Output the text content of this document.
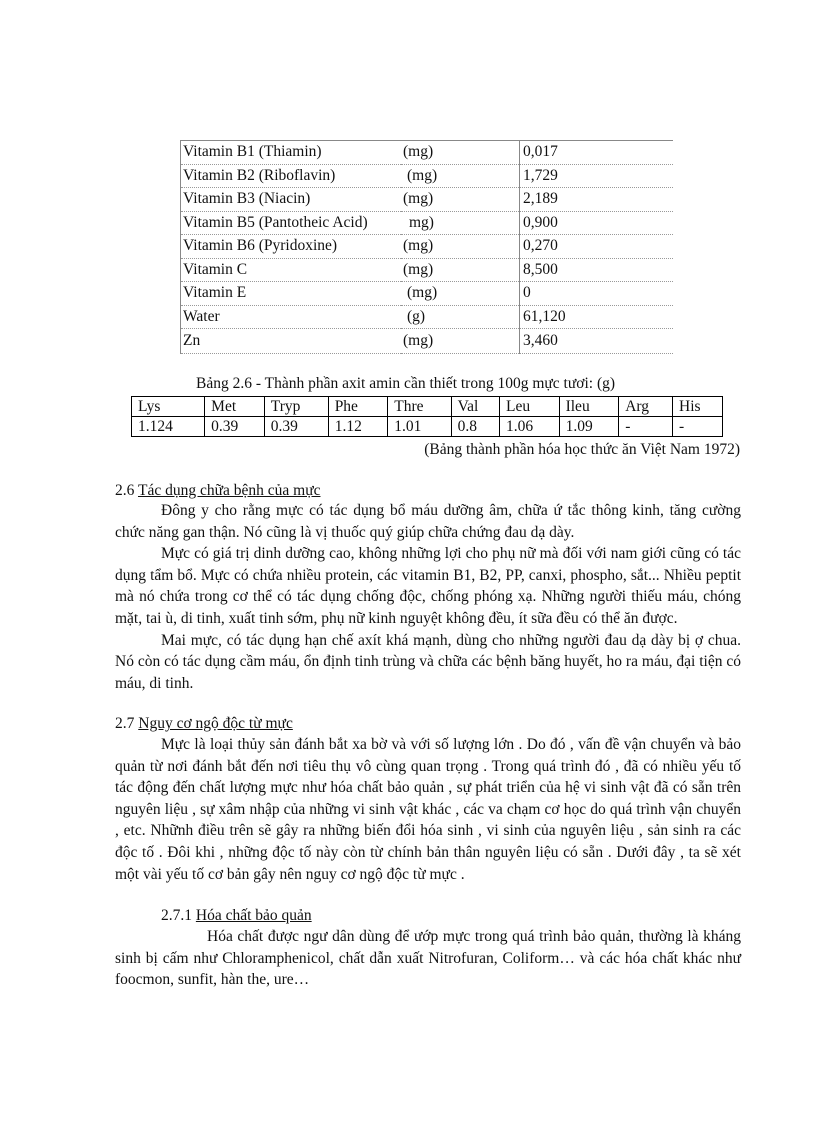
Vitamin B1 (Thiamin)	(mg)	0,017
Vitamin B2 (Riboflavin)	(mg)	1,729
Vitamin B3 (Niacin)	(mg)	2,189
Vitamin B5 (Pantotheic Acid)	mg)	0,900
Vitamin B6 (Pyridoxine)	(mg)	0,270
Vitamin C	(mg)	8,500
Vitamin E	(mg)	0
Water	(g)	61,120
Zn	(mg)	3,460
Bảng 2.6 - Thành phần axit amin cần thiết trong 100g mực tươi: (g)
Lys	Met	Tryp	Phe	Thre	Val	Leu	Ileu	Arg	His
1.124	0.39	0.39	1.12	1.01	0.8	1.06	1.09	-	-
(Bảng thành phần hóa học thức ăn Việt Nam 1972)
2.6 Tác dụng chữa bệnh của mực

Đông y cho rằng mực có tác dụng bổ máu dưỡng âm, chữa ứ tắc thông kinh, tăng cường chức năng gan thận. Nó cũng là vị thuốc quý giúp chữa chứng đau dạ dày.

Mực có giá trị dinh dưỡng cao, không những lợi cho phụ nữ mà đối với nam giới cũng có tác dụng tẩm bổ. Mực có chứa nhiều protein, các vitamin B1, B2, PP, canxi, phospho, sắt... Nhiều peptit mà nó chứa trong cơ thể có tác dụng chống độc, chống phóng xạ. Những người thiếu máu, chóng mặt, tai ù, di tinh, xuất tinh sớm, phụ nữ kinh nguyệt không đều, ít sữa đều có thể ăn được.

Mai mực, có tác dụng hạn chế axít khá mạnh, dùng cho những người đau dạ dày bị ợ chua. Nó còn có tác dụng cầm máu, ổn định tinh trùng và chữa các bệnh băng huyết, ho ra máu, đại tiện có máu, di tinh.

2.7 Nguy cơ ngộ độc từ mực

Mực là loại thủy sản đánh bắt xa bờ và với số lượng lớn . Do đó , vấn đề vận chuyển và bảo quản từ nơi đánh bắt đến nơi tiêu thụ vô cùng quan trọng . Trong quá trình đó , đã có nhiều yếu tố tác động đến chất lượng mực như hóa chất bảo quản , sự phát triển của hệ vi sinh vật đã có sẵn trên nguyên liệu , sự xâm nhập của những vi sinh vật khác , các va chạm cơ học do quá trình vận chuyển , etc. Nhữnh điều trên sẽ gây ra những biến đổi hóa sinh , vi sinh của nguyên liệu , sản sinh ra các độc tố . Đôi khi , những độc tố này còn từ chính bản thân nguyên liệu có sẵn . Dưới đây , ta sẽ xét một vài yếu tố cơ bản gây nên nguy cơ ngộ độc từ mực .

2.7.1 Hóa chất bảo quản

Hóa chất được ngư dân dùng để ướp mực trong quá trình bảo quản, thường là kháng sinh bị cấm như Chloramphenicol, chất dẫn xuất Nitrofuran, Coliform… và các hóa chất khác như foocmon, sunfit, hàn the, ure…
